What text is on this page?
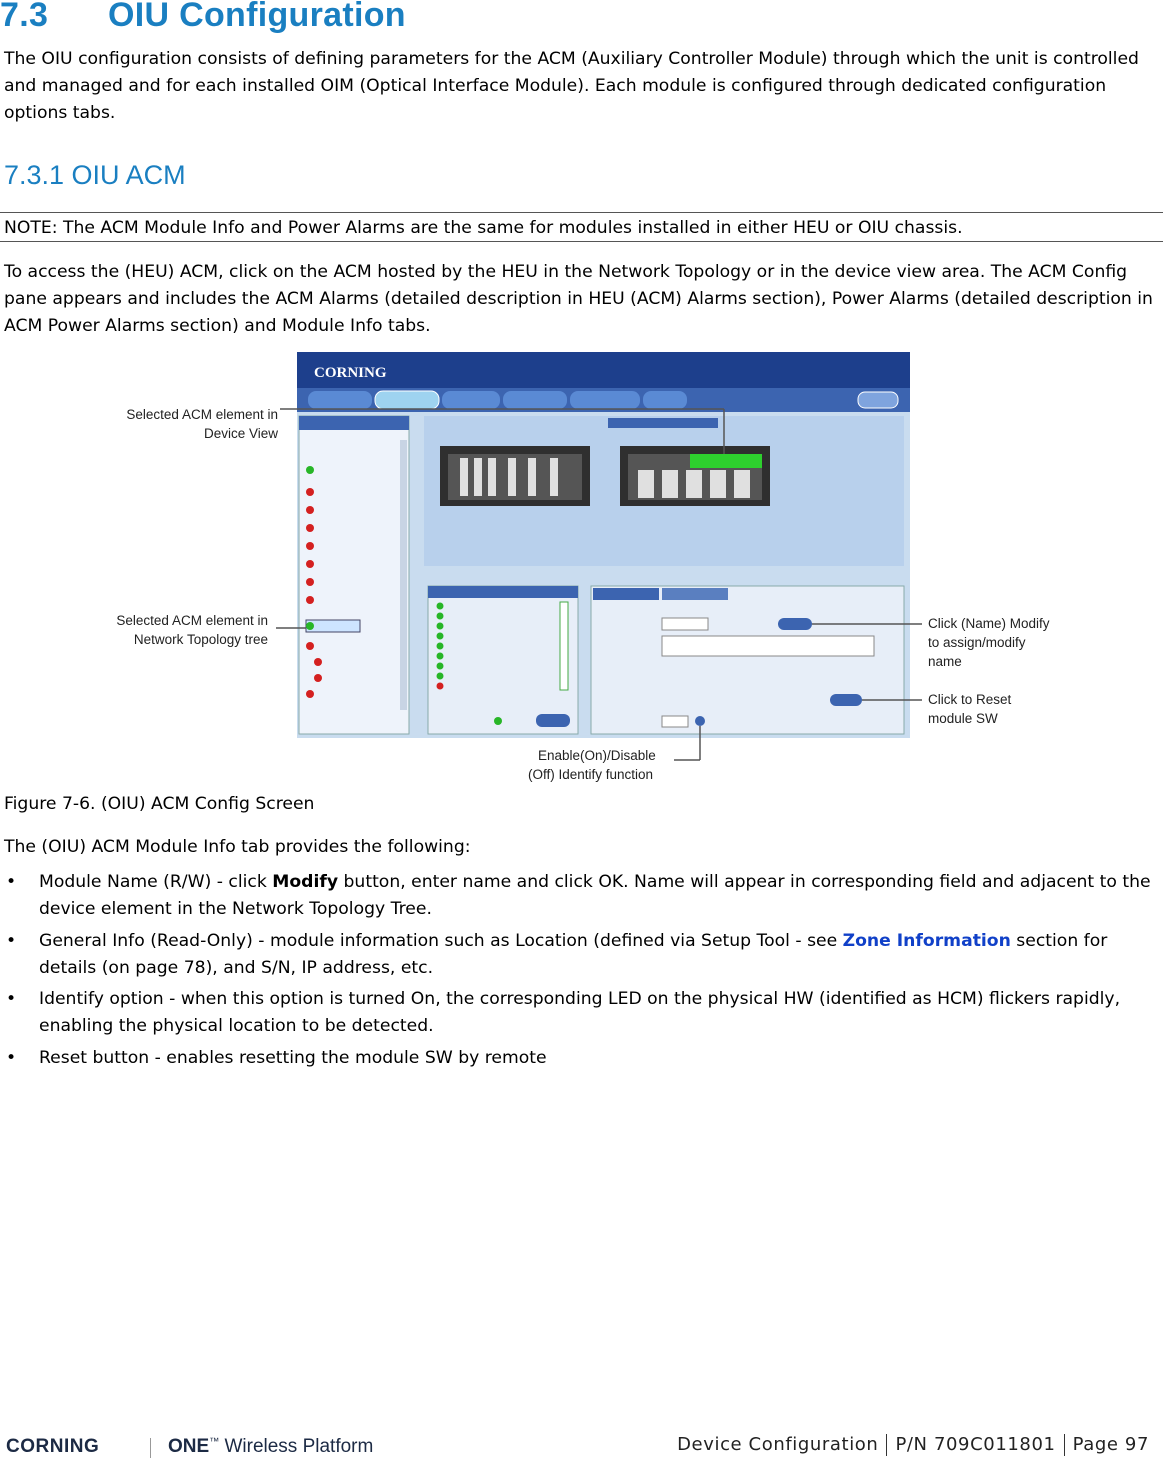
7.3 OIU Configuration
The OIU configuration consists of defining parameters for the ACM (Auxiliary Controller Module) through which the unit is controlled and managed and for each installed OIM (Optical Interface Module). Each module is configured through dedicated configuration options tabs.
7.3.1 OIU ACM
NOTE: The ACM Module Info and Power Alarms are the same for modules installed in either HEU or OIU chassis.
To access the (HEU) ACM, click on the ACM hosted by the HEU in the Network Topology or in the device view area. The ACM Config pane appears and includes the ACM Alarms (detailed description in HEU (ACM) Alarms section), Power Alarms (detailed description in ACM Power Alarms section) and Module Info tabs.
CORNING
Selected ACM element in
Device View
Selected ACM element in
Network Topology tree
Click (Name) Modify
to assign/modify
name
Click to Reset
module SW
Enable(On)/Disable
(Off) Identify function
Figure 7-6. (OIU) ACM Config Screen
The (OIU) ACM Module Info tab provides the following:
• Module Name (R/W) - click Modify button, enter name and click OK. Name will appear in corresponding field and adjacent to the device element in the Network Topology Tree.
• General Info (Read-Only) - module information such as Location (defined via Setup Tool - see Zone Information section for details (on page 78), and S/N, IP address, etc.
• Identify option - when this option is turned On, the corresponding LED on the physical HW (identified as HCM) flickers rapidly, enabling the physical location to be detected.
• Reset button - enables resetting the module SW by remote
CORNING	ONE™ Wireless Platform	Device Configuration P/N 709C011801 Page 97
